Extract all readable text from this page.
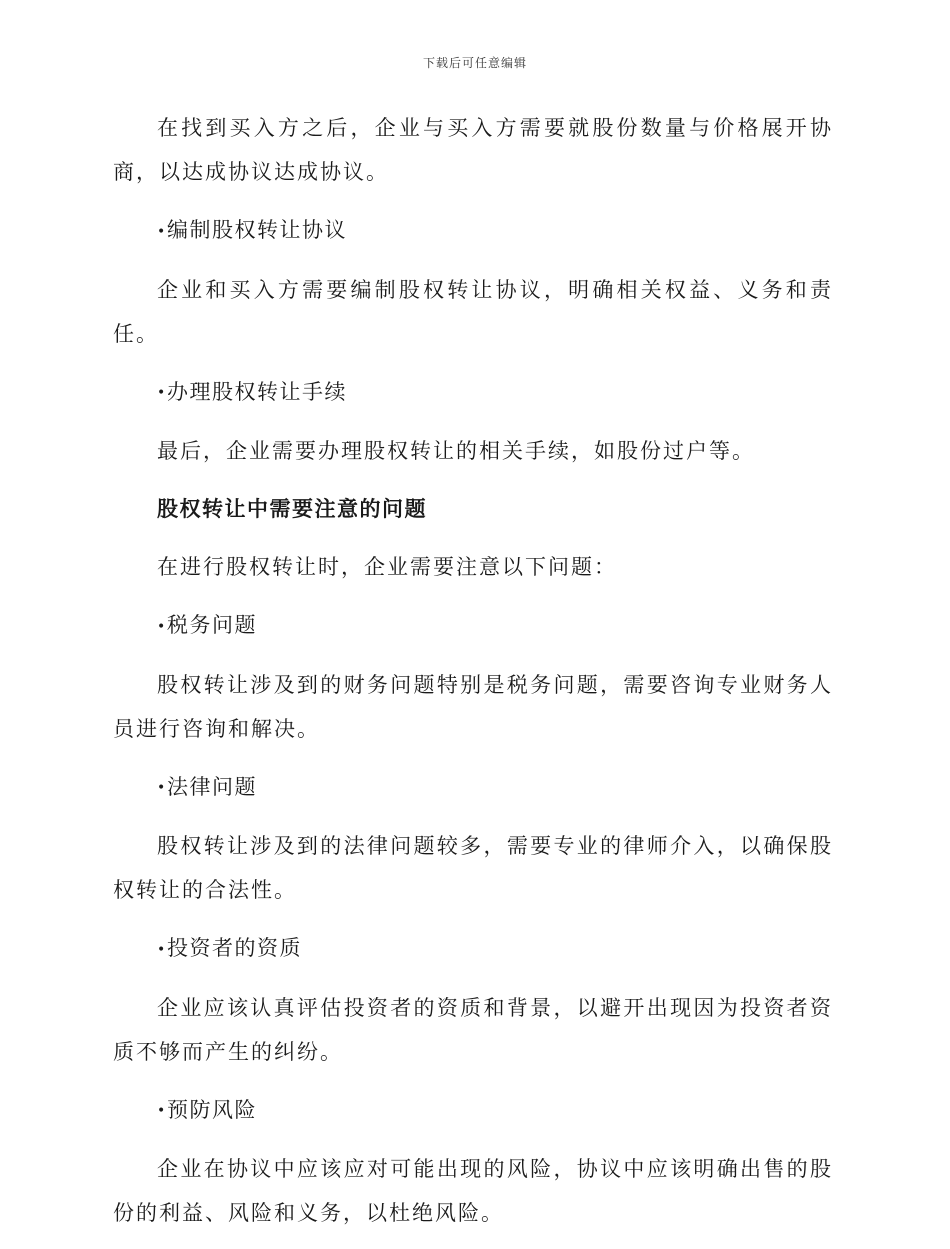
下载后可任意编辑

在找到买入方之后，企业与买入方需要就股份数量与价格展开协商，以达成协议达成协议。

•编制股权转让协议

企业和买入方需要编制股权转让协议，明确相关权益、义务和责任。

•办理股权转让手续

最后，企业需要办理股权转让的相关手续，如股份过户等。

股权转让中需要注意的问题

在进行股权转让时，企业需要注意以下问题：

•税务问题

股权转让涉及到的财务问题特别是税务问题，需要咨询专业财务人员进行咨询和解决。

•法律问题

股权转让涉及到的法律问题较多，需要专业的律师介入，以确保股权转让的合法性。

•投资者的资质

企业应该认真评估投资者的资质和背景，以避开出现因为投资者资质不够而产生的纠纷。

•预防风险

企业在协议中应该应对可能出现的风险，协议中应该明确出售的股份的利益、风险和义务，以杜绝风险。
